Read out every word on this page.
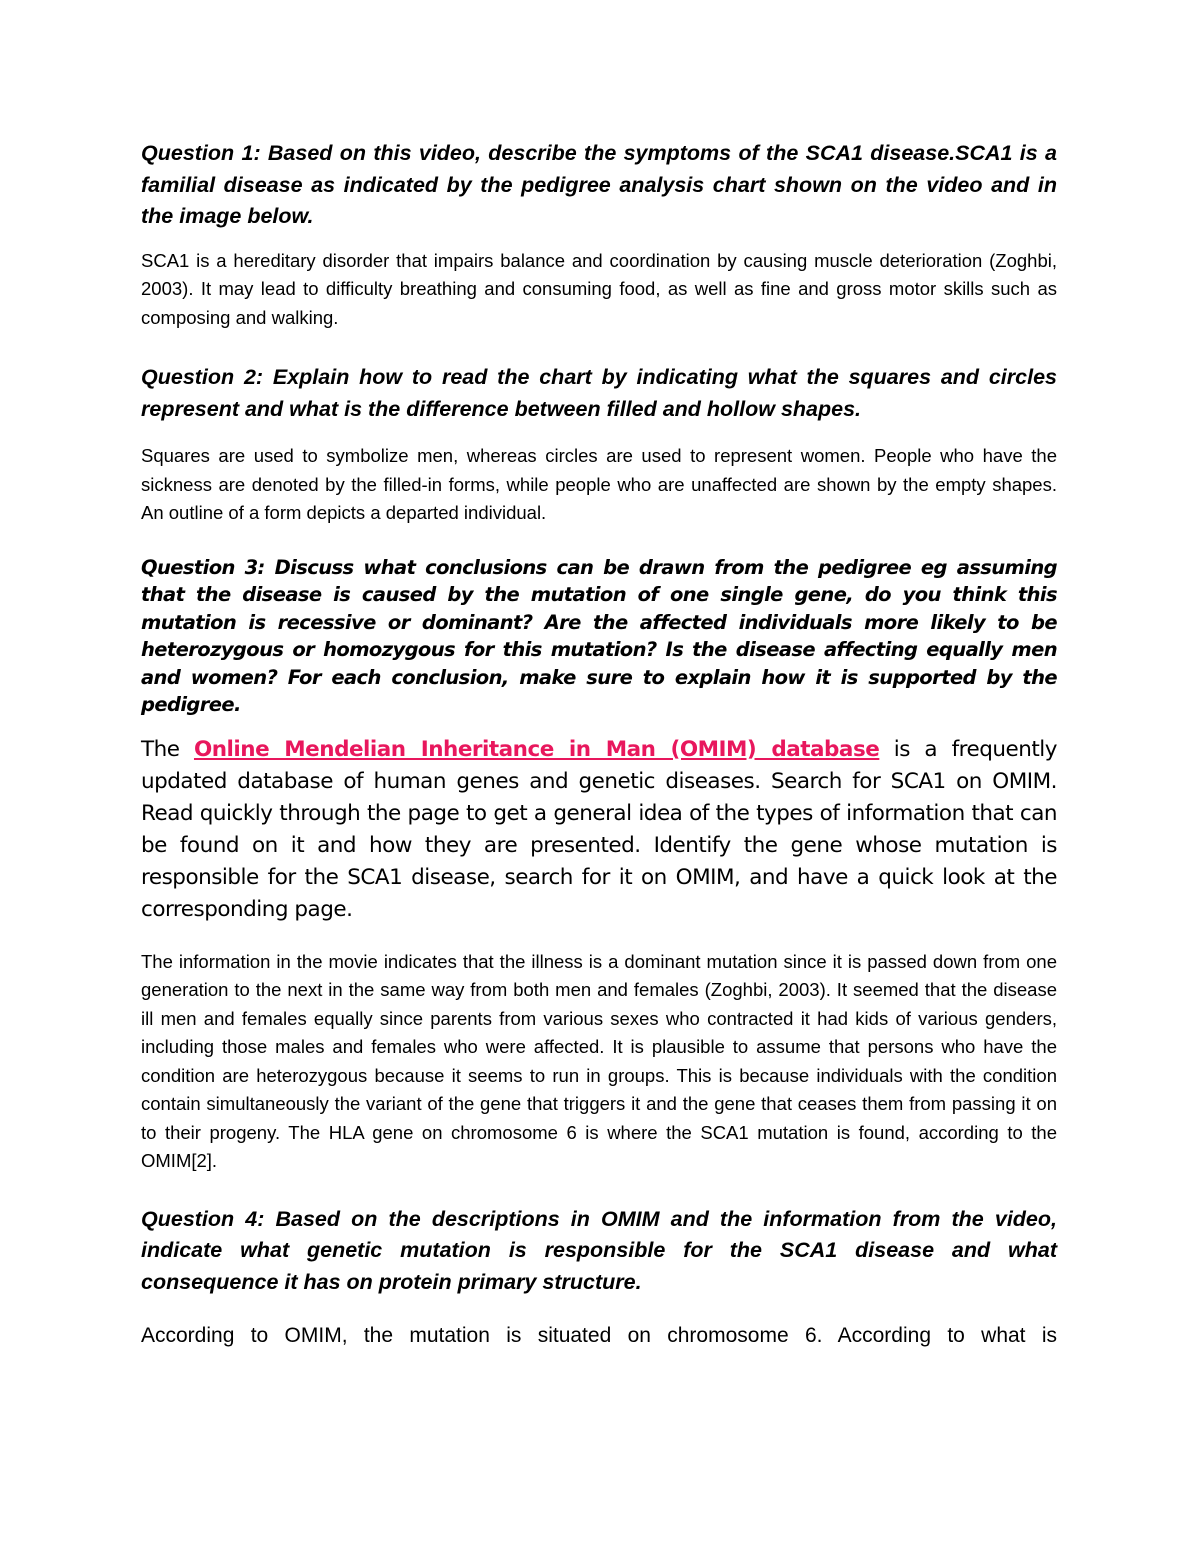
Question 1: Based on this video, describe the symptoms of the SCA1 disease.SCA1 is a familial disease as indicated by the pedigree analysis chart shown on the video and in the image below.

SCA1 is a hereditary disorder that impairs balance and coordination by causing muscle deterioration (Zoghbi, 2003). It may lead to difficulty breathing and consuming food, as well as fine and gross motor skills such as composing and walking.

Question 2: Explain how to read the chart by indicating what the squares and circles represent and what is the difference between filled and hollow shapes.

Squares are used to symbolize men, whereas circles are used to represent women. People who have the sickness are denoted by the filled-in forms, while people who are unaffected are shown by the empty shapes. An outline of a form depicts a departed individual.

Question 3: Discuss what conclusions can be drawn from the pedigree eg assuming that the disease is caused by the mutation of one single gene, do you think this mutation is recessive or dominant? Are the affected individuals more likely to be heterozygous or homozygous for this mutation? Is the disease affecting equally men and women? For each conclusion, make sure to explain how it is supported by the pedigree.

The Online Mendelian Inheritance in Man (OMIM) database is a frequently updated database of human genes and genetic diseases. Search for SCA1 on OMIM. Read quickly through the page to get a general idea of the types of information that can be found on it and how they are presented. Identify the gene whose mutation is responsible for the SCA1 disease, search for it on OMIM, and have a quick look at the corresponding page.

The information in the movie indicates that the illness is a dominant mutation since it is passed down from one generation to the next in the same way from both men and females (Zoghbi, 2003). It seemed that the disease ill men and females equally since parents from various sexes who contracted it had kids of various genders, including those males and females who were affected. It is plausible to assume that persons who have the condition are heterozygous because it seems to run in groups. This is because individuals with the condition contain simultaneously the variant of the gene that triggers it and the gene that ceases them from passing it on to their progeny. The HLA gene on chromosome 6 is where the SCA1 mutation is found, according to the OMIM[2].

Question 4: Based on the descriptions in OMIM and the information from the video, indicate what genetic mutation is responsible for the SCA1 disease and what consequence it has on protein primary structure.

According to OMIM, the mutation is situated on chromosome 6. According to what is
